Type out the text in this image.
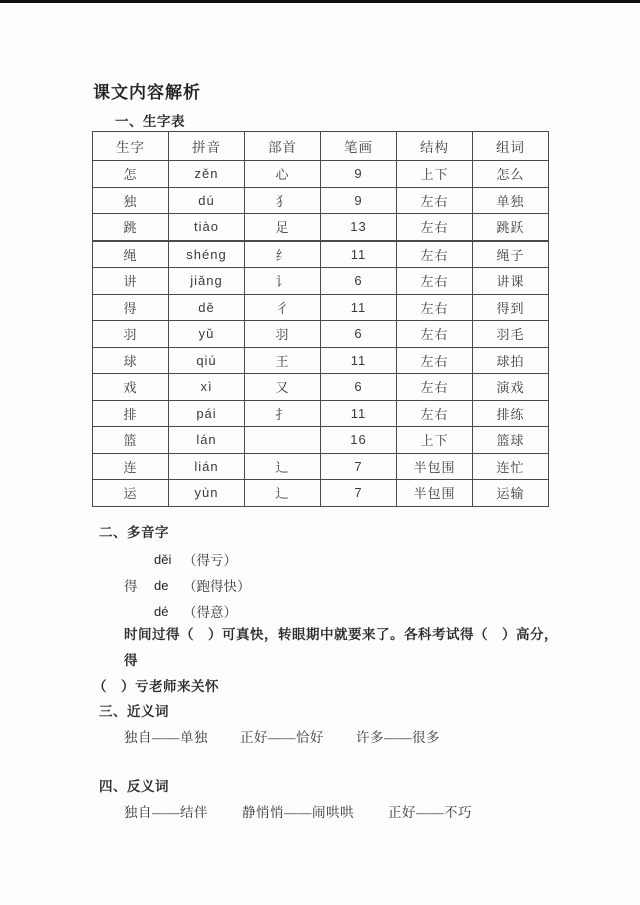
课文内容解析
一、生字表
生字	拼音	部首	笔画	结构	组词
怎	zěn	心	9	上下	怎么
独	dú	犭	9	左右	单独
跳	tiào	足	13	左右	跳跃
绳	shéng	纟	11	左右	绳子
讲	jiǎng	讠	6	左右	讲课
得	dě	彳	11	左右	得到
羽	yǔ	羽	6	左右	羽毛
球	qiú	王	11	左右	球拍
戏	xì	又	6	左右	演戏
排	pái	扌	11	左右	排练
篮	lán		16	上下	篮球
连	lián	辶	7	半包围	连忙
运	yùn	辶	7	半包围	运输
二、多音字
děi （得亏）
得	de	（跑得快）
dé	（得意）
时间过得（　）可真快，转眼期中就要来了。各科考试得（　）高分，得
（　）亏老师来关怀
三、近义词
独自——单独 正好——恰好 许多——很多
四、反义词
独自——结伴	静悄悄——闹哄哄	正好——不巧
